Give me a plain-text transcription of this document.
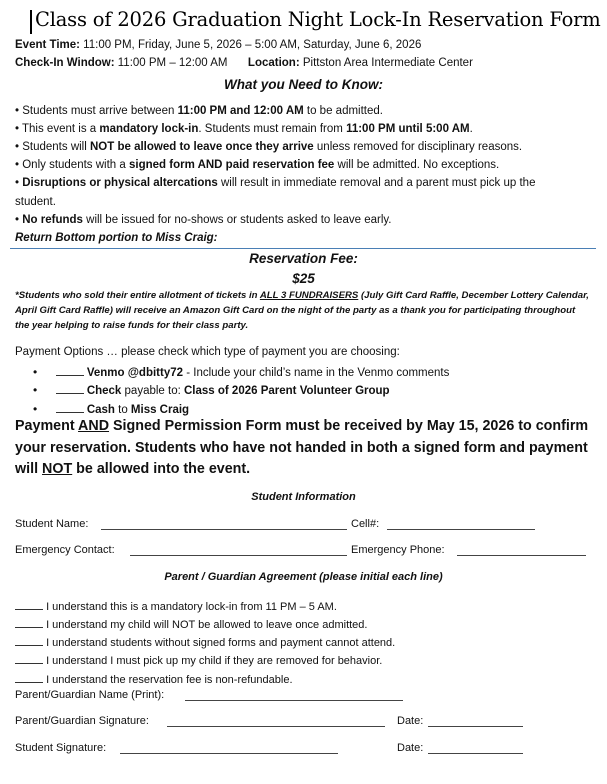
Class of 2026 Graduation Night Lock-In Reservation Form
Event Time: 11:00 PM, Friday, June 5, 2026 – 5:00 AM, Saturday, June 6, 2026
Check-In Window: 11:00 PM – 12:00 AM Location: Pittston Area Intermediate Center
What you Need to Know:
• Students must arrive between 11:00 PM and 12:00 AM to be admitted.
• This event is a mandatory lock-in. Students must remain from 11:00 PM until 5:00 AM.
• Students will NOT be allowed to leave once they arrive unless removed for disciplinary reasons.
• Only students with a signed form AND paid reservation fee will be admitted. No exceptions.
• Disruptions or physical altercations will result in immediate removal and a parent must pick up the
student.
• No refunds will be issued for no-shows or students asked to leave early.
Return Bottom portion to Miss Craig:
Reservation Fee:
$25
*Students who sold their entire allotment of tickets in ALL 3 FUNDRAISERS (July Gift Card Raffle, December Lottery Calendar, April Gift Card Raffle) will receive an Amazon Gift Card on the night of the party as a thank you for participating throughout the year helping to raise funds for their class party.
Payment Options … please check which type of payment you are choosing:
•	Venmo @dbitty72 - Include your child’s name in the Venmo comments
•	Check payable to: Class of 2026 Parent Volunteer Group
•	Cash to Miss Craig
Payment AND Signed Permission Form must be received by May 15, 2026 to confirm your reservation. Students who have not handed in both a signed form and payment will NOT be allowed into the event.
Student Information
Student Name:	Cell#:
Emergency Contact:	Emergency Phone:
Parent / Guardian Agreement (please initial each line)
I understand this is a mandatory lock-in from 11 PM – 5 AM.
I understand my child will NOT be allowed to leave once admitted.
I understand students without signed forms and payment cannot attend.
I understand I must pick up my child if they are removed for behavior.
I understand the reservation fee is non-refundable.
Parent/Guardian Name (Print):
Parent/Guardian Signature:	Date:
Student Signature:	Date:
